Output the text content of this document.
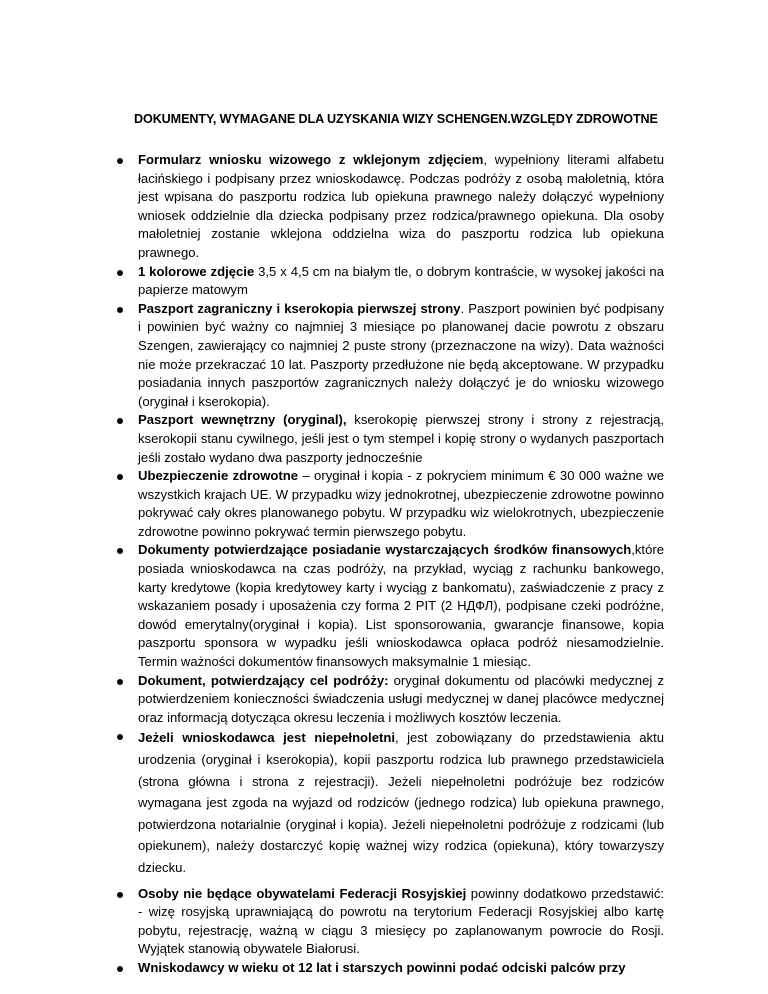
DOKUMENTY, WYMAGANE DLA UZYSKANIA WIZY SCHENGEN.WZGLĘDY ZDROWOTNE
Formularz wniosku wizowego z wklejonym zdjęciem, wypełniony literami alfabetu łacińskiego i podpisany przez wnioskodawcę. Podczas podróży z osobą małoletnią, która jest wpisana do paszportu rodzica lub opiekuna prawnego należy dołączyć wypełniony wniosek oddzielnie dla dziecka podpisany przez rodzica/prawnego opiekuna. Dla osoby małoletniej zostanie wklejona oddzielna wiza do paszportu rodzica lub opiekuna prawnego.
1 kolorowe zdjęcie 3,5 x 4,5 cm na białym tle, o dobrym kontraście, w wysokej jakości na papierze matowym
Paszport zagraniczny i kserokopia pierwszej strony. Paszport powinien być podpisany i powinien być ważny co najmniej 3 miesiące po planowanej dacie powrotu z obszaru Szengen, zawierający co najmniej 2 puste strony (przeznaczone na wizy). Data ważności nie może przekraczać 10 lat. Paszporty przedłużone nie będą akceptowane. W przypadku posiadania innych paszportów zagranicznych należy dołączyć je do wniosku wizowego (oryginał i kserokopia).
Paszport wewnętrzny (oryginal), kserokopię pierwszej strony i strony z rejestracją, kserokopii stanu cywilnego, jeśli jest o tym stempel i kopię strony o wydanych paszportach jeśli zostało wydano dwa paszporty jednocześnie
Ubezpieczenie zdrowotne – oryginał i kopia - z pokryciem minimum € 30 000 ważne we wszystkich krajach UE. W przypadku wizy jednokrotnej, ubezpieczenie zdrowotne powinno pokrywać cały okres planowanego pobytu. W przypadku wiz wielokrotnych, ubezpieczenie zdrowotne powinno pokrywać termin pierwszego pobytu.
Dokumenty potwierdzające posiadanie wystarczających środków finansowych,które posiada wnioskodawca na czas podróży, na przykład, wyciąg z rachunku bankowego, karty kredytowe (kopia kredytowey karty i wyciąg z bankomatu), zaświadczenie z pracy z wskazaniem posady i uposażenia czy forma 2 PIT (2 НДФЛ), podpisane czeki podróżne, dowód emerytalny(oryginał i kopia). List sponsorowania, gwarancje finansowe, kopia paszportu sponsora w wypadku jeśli wnioskodawca opłaca podróż niesamodzielnie. Termin ważności dokumentów finansowych maksymalnie 1 miesiąc.
Dokument, potwierdzający cel podróży: oryginał dokumentu od placówki medycznej z potwierdzeniem konieczności świadczenia usługi medycznej w danej placówce medycznej oraz informacją dotycząca okresu leczenia i możliwych kosztów leczenia.
Jeżeli wnioskodawca jest niepełnoletni, jest zobowiązany do przedstawienia aktu urodzenia (oryginał i kserokopia), kopii paszportu rodzica lub prawnego przedstawiciela (strona główna i strona z rejestracji). Jeżeli niepełnoletni podróżuje bez rodziców wymagana jest zgoda na wyjazd od rodziców (jednego rodzica) lub opiekuna prawnego, potwierdzona notarialnie (oryginał i kopia). Jeżeli niepełnoletni podróżuje z rodzicami (lub opiekunem), należy dostarczyć kopię ważnej wizy rodzica (opiekuna), który towarzyszy dziecku.
Osoby nie będące obywatelami Federacji Rosyjskiej powinny dodatkowo przedstawić: - wizę rosyjską uprawniającą do powrotu na terytorium Federacji Rosyjskiej albo kartę pobytu, rejestrację, ważną w ciągu 3 miesięcy po zaplanowanym powrocie do Rosji. Wyjątek stanowią obywatele Białorusi.
Wniskodawcy w wieku ot 12 lat i starszych powinni podać odciski palców przy
